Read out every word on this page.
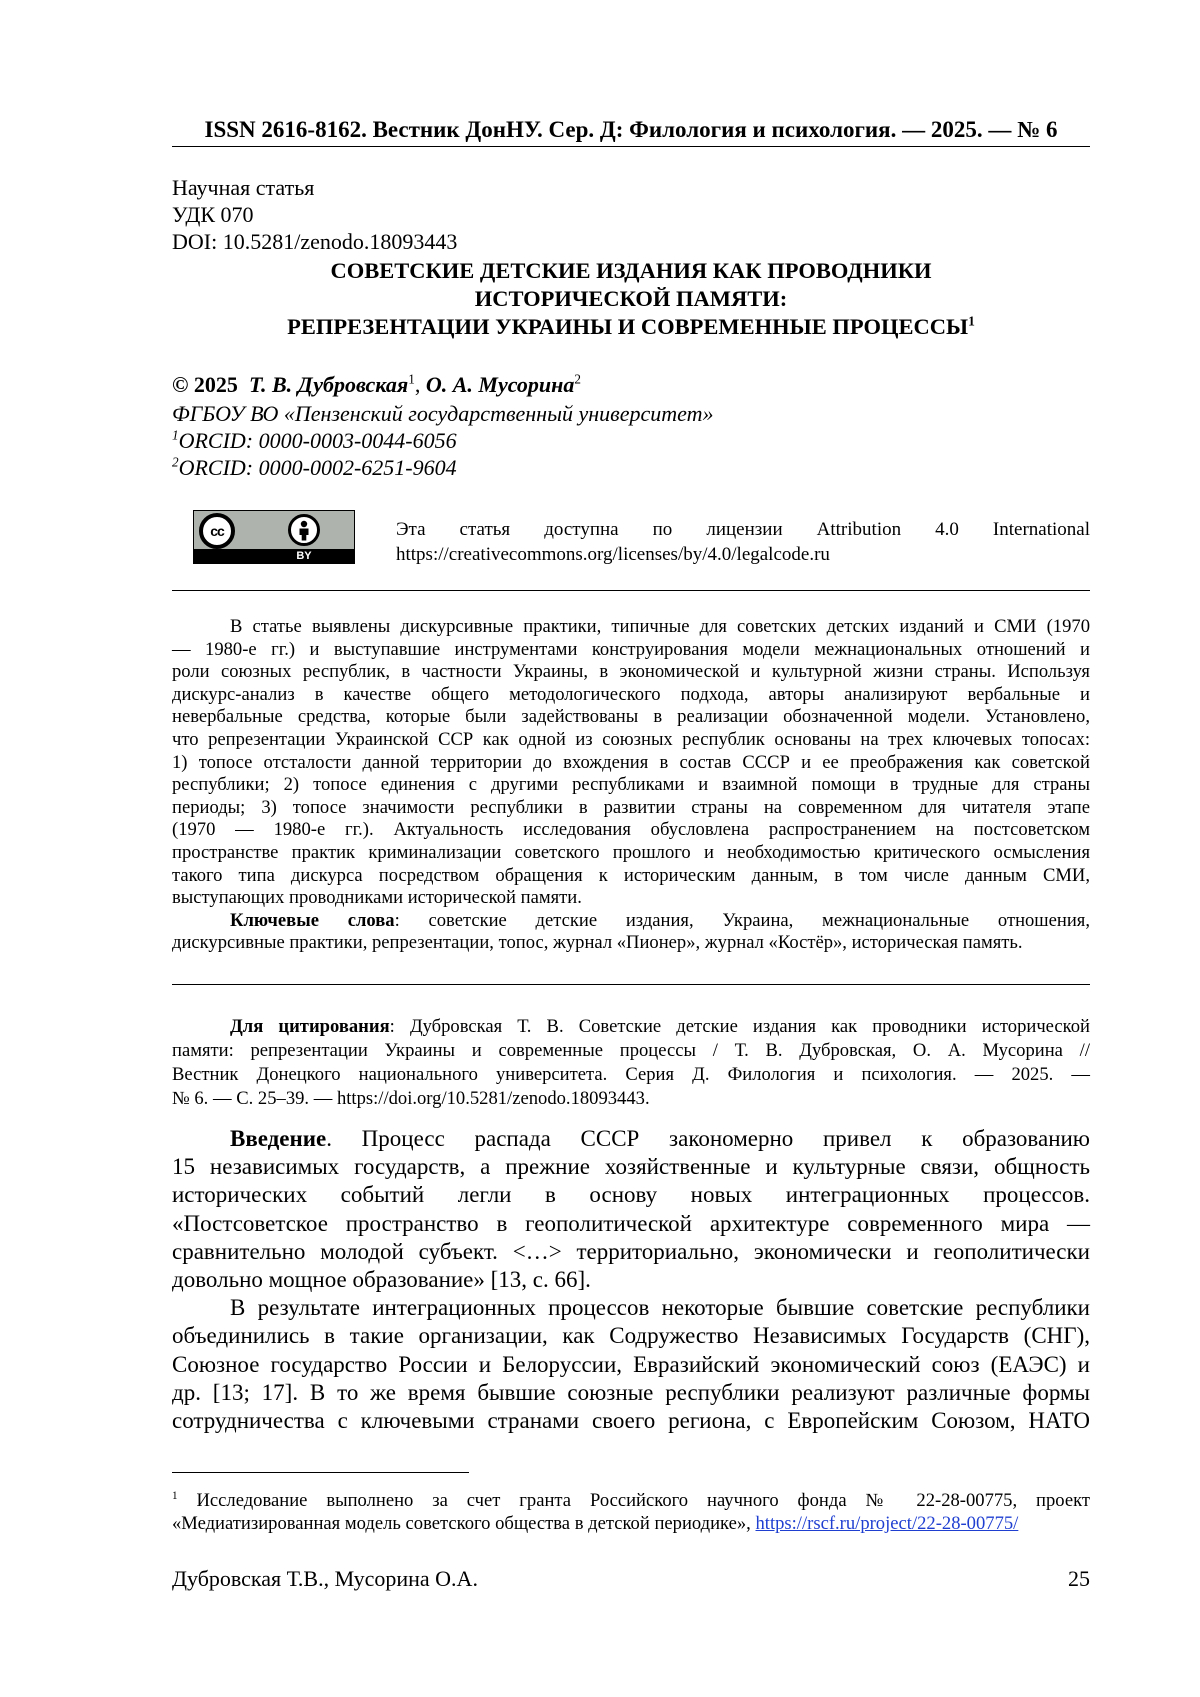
ISSN 2616-8162. Вестник ДонНУ. Сер. Д: Филология и психология. — 2025. — № 6
Научная статья
УДК 070
DOI: 10.5281/zenodo.18093443
СОВЕТСКИЕ ДЕТСКИЕ ИЗДАНИЯ КАК ПРОВОДНИКИ
ИСТОРИЧЕСКОЙ ПАМЯТИ:
РЕПРЕЗЕНТАЦИИ УКРАИНЫ И СОВРЕМЕННЫЕ ПРОЦЕССЫ$^1$
© 2025 Т. В. Дубровская$^1$, О. А. Мусорина$^2$
ФГБОУ ВО «Пензенский государственный университет»
$^1$ORCID: 0000-0003-0044-6056
$^2$ORCID: 0000-0002-6251-9604
cc
BY
Эта статья доступна по лицензии Attribution 4.0 International
https://creativecommons.org/licenses/by/4.0/legalcode.ru
В статье выявлены дискурсивные практики, типичные для советских детских изданий и СМИ (1970
— 1980-е гг.) и выступавшие инструментами конструирования модели межнациональных отношений и
роли союзных республик, в частности Украины, в экономической и культурной жизни страны. Используя
дискурс-анализ в качестве общего методологического подхода, авторы анализируют вербальные и
невербальные средства, которые были задействованы в реализации обозначенной модели. Установлено,
что репрезентации Украинской ССР как одной из союзных республик основаны на трех ключевых топосах:
1) топосе отсталости данной территории до вхождения в состав СССР и ее преображения как советской
республики; 2) топосе единения с другими республиками и взаимной помощи в трудные для страны
периоды; 3) топосе значимости республики в развитии страны на современном для читателя этапе
(1970 — 1980-е гг.). Актуальность исследования обусловлена распространением на постсоветском
пространстве практик криминализации советского прошлого и необходимостью критического осмысления
такого типа дискурса посредством обращения к историческим данным, в том числе данным СМИ,
выступающих проводниками исторической памяти.
Ключевые слова: советские детские издания, Украина, межнациональные отношения,
дискурсивные практики, репрезентации, топос, журнал «Пионер», журнал «Костёр», историческая память.
Для цитирования: Дубровская Т. В. Советские детские издания как проводники исторической
памяти: репрезентации Украины и современные процессы / Т. В. Дубровская, О. А. Мусорина //
Вестник Донецкого национального университета. Серия Д. Филология и психология. — 2025. —
№ 6. — С. 25–39. — https://doi.org/10.5281/zenodo.18093443.
Введение. Процесс распада СССР закономерно привел к образованию
15 независимых государств, а прежние хозяйственные и культурные связи, общность
исторических событий легли в основу новых интеграционных процессов.
«Постсоветское пространство в геополитической архитектуре современного мира —
сравнительно молодой субъект. <…> территориально, экономически и геополитически
довольно мощное образование» [13, с. 66].
В результате интеграционных процессов некоторые бывшие советские республики
объединились в такие организации, как Содружество Независимых Государств (СНГ),
Союзное государство России и Белоруссии, Евразийский экономический союз (ЕАЭС) и
др. [13; 17]. В то же время бывшие союзные республики реализуют различные формы
сотрудничества с ключевыми странами своего региона, с Европейским Союзом, НАТО
$^1$ Исследование выполнено за счет гранта Российского научного фонда № 22-28-00775, проект
«Медиатизированная модель советского общества в детской периодике», https://rscf.ru/project/22-28-00775/
Дубровская Т.В., Мусорина О.А.	25
